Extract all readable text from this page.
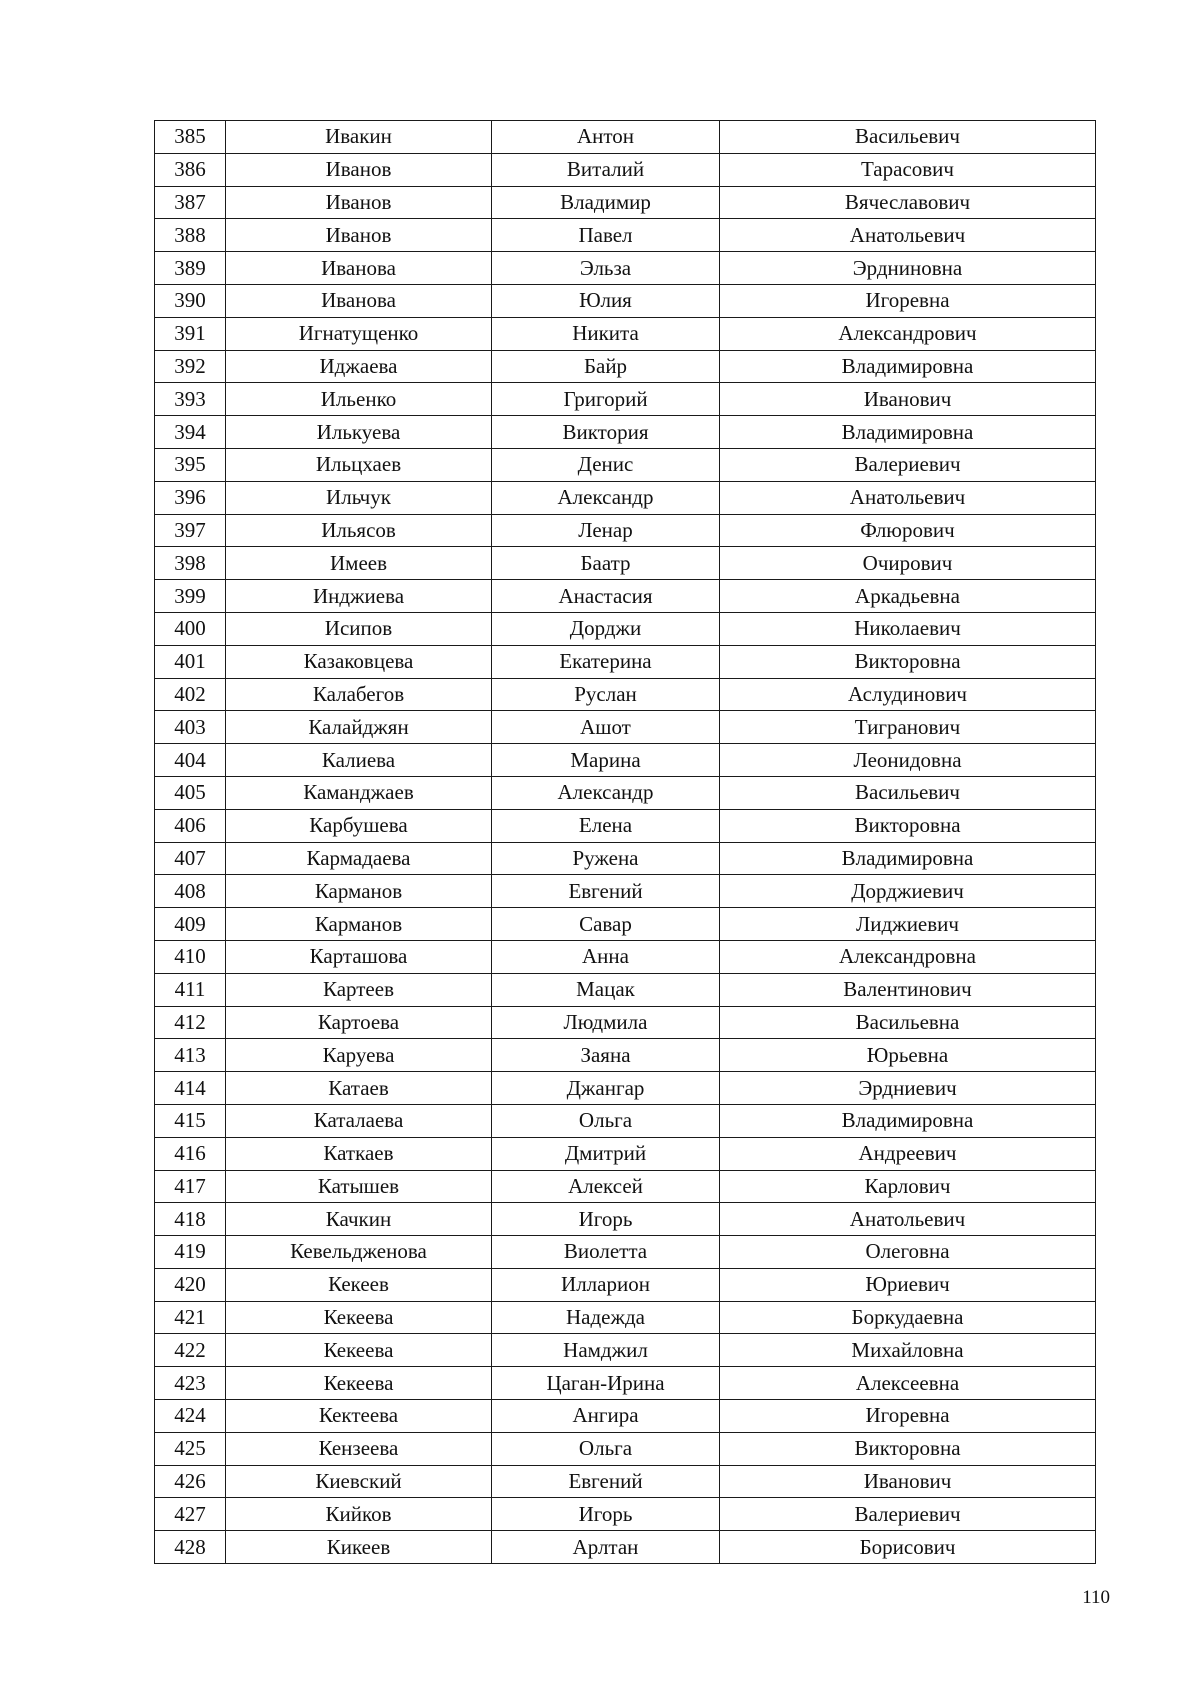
385	Ивакин	Антон	Васильевич
386	Иванов	Виталий	Тарасович
387	Иванов	Владимир	Вячеславович
388	Иванов	Павел	Анатольевич
389	Иванова	Эльза	Эрдниновна
390	Иванова	Юлия	Игоревна
391	Игнатущенко	Никита	Александрович
392	Иджаева	Байр	Владимировна
393	Ильенко	Григорий	Иванович
394	Илькуева	Виктория	Владимировна
395	Ильцхаев	Денис	Валериевич
396	Ильчук	Александр	Анатольевич
397	Ильясов	Ленар	Флюрович
398	Имеев	Баатр	Очирович
399	Инджиева	Анастасия	Аркадьевна
400	Исипов	Дорджи	Николаевич
401	Казаковцева	Екатерина	Викторовна
402	Калабегов	Руслан	Аслудинович
403	Калайджян	Ашот	Тигранович
404	Калиева	Марина	Леонидовна
405	Каманджаев	Александр	Васильевич
406	Карбушева	Елена	Викторовна
407	Кармадаева	Ружена	Владимировна
408	Карманов	Евгений	Дорджиевич
409	Карманов	Савар	Лиджиевич
410	Карташова	Анна	Александровна
411	Картеев	Мацак	Валентинович
412	Картоева	Людмила	Васильевна
413	Каруева	Заяна	Юрьевна
414	Катаев	Джангар	Эрдниевич
415	Каталаева	Ольга	Владимировна
416	Каткаев	Дмитрий	Андреевич
417	Катышев	Алексей	Карлович
418	Качкин	Игорь	Анатольевич
419	Кевельдженова	Виолетта	Олеговна
420	Кекеев	Илларион	Юриевич
421	Кекеева	Надежда	Боркудаевна
422	Кекеева	Намджил	Михайловна
423	Кекеева	Цаган-Ирина	Алексеевна
424	Кектеева	Ангира	Игоревна
425	Кензеева	Ольга	Викторовна
426	Киевский	Евгений	Иванович
427	Кийков	Игорь	Валериевич
428	Кикеев	Арлтан	Борисович
110
